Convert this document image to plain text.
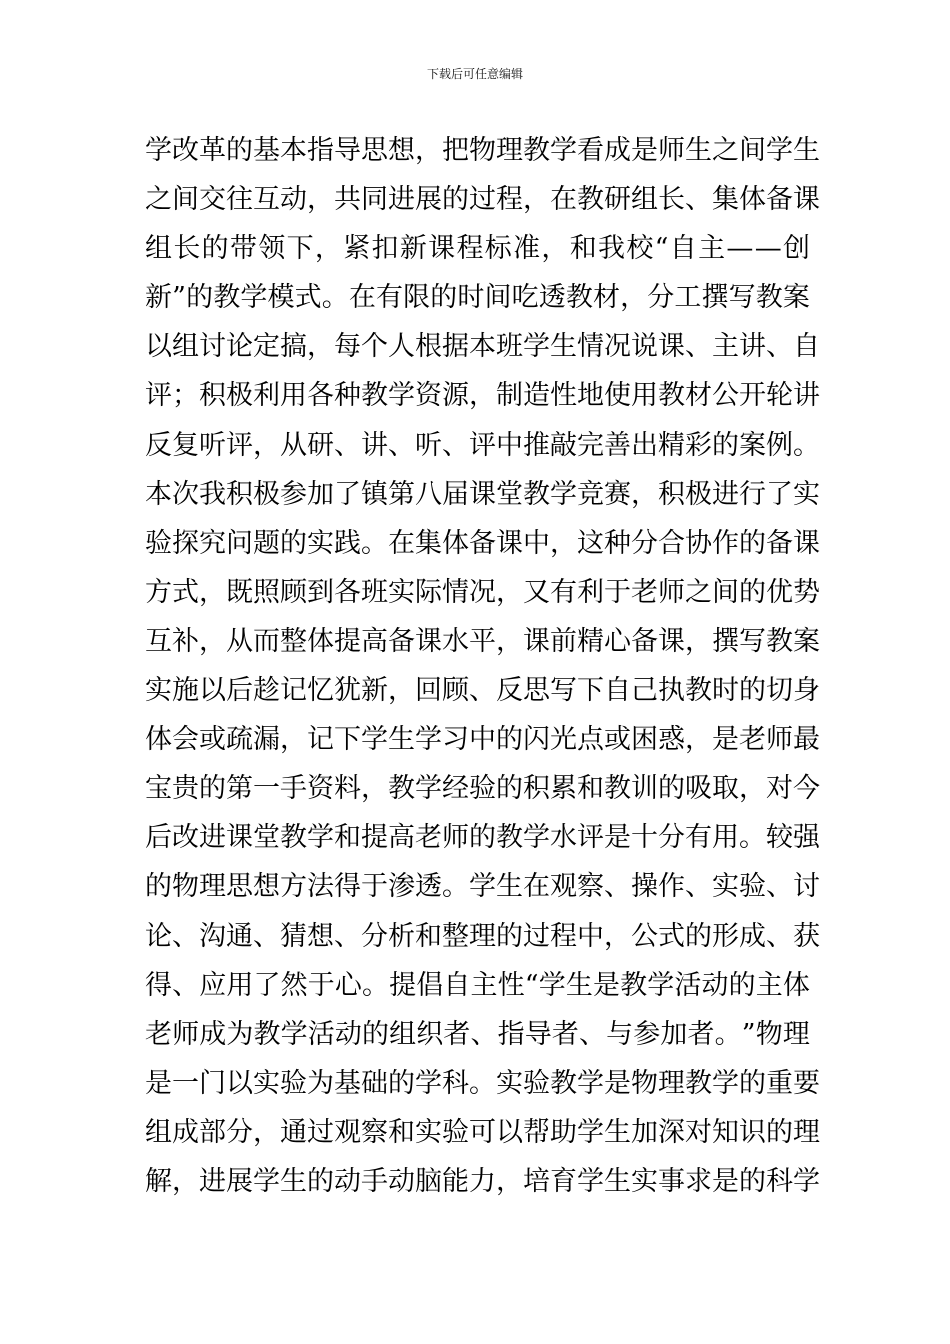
下载后可任意编辑
学 改 革 的 基 本 指 导 思 想 ， 把 物 理 教 学 看 成 是 师 生 之 间 学 生
之 间 交 往 互 动 ， 共 同 进 展 的 过 程 ， 在 教 研 组 长 、 集 体 备 课
组 长 的 带 领 下 ， 紧 扣 新 课 程 标 准 ， 和 我 校 “ 自 主 — — 创
新 ” 的 教 学 模 式 。 在 有 限 的 时 间 吃 透 教 材 ， 分 工 撰 写 教 案
以 组 讨 论 定 搞 ， 每 个 人 根 据 本 班 学 生 情 况 说 课 、 主 讲 、 自
评 ； 积 极 利 用 各 种 教 学 资 源 ， 制 造 性 地 使 用 教 材 公 开 轮 讲
反 复 听 评 ， 从 研 、 讲 、 听 、 评 中 推 敲 完 善 出 精 彩 的 案 例 。
本 次 我 积 极 参 加 了 镇 第 八 届 课 堂 教 学 竞 赛 ， 积 极 进 行 了 实
验 探 究 问 题 的 实 践 。 在 集 体 备 课 中 ， 这 种 分 合 协 作 的 备 课
方 式 ， 既 照 顾 到 各 班 实 际 情 况 ， 又 有 利 于 老 师 之 间 的 优 势
互 补 ， 从 而 整 体 提 高 备 课 水 平 ， 课 前 精 心 备 课 ， 撰 写 教 案
实 施 以 后 趁 记 忆 犹 新 ， 回 顾 、 反 思 写 下 自 己 执 教 时 的 切 身
体 会 或 疏 漏 ， 记 下 学 生 学 习 中 的 闪 光 点 或 困 惑 ， 是 老 师 最
宝 贵 的 第 一 手 资 料 ， 教 学 经 验 的 积 累 和 教 训 的 吸 取 ， 对 今
后 改 进 课 堂 教 学 和 提 高 老 师 的 教 学 水 评 是 十 分 有 用 。 较 强
的 物 理 思 想 方 法 得 于 渗 透 。 学 生 在 观 察 、 操 作 、 实 验 、 讨
论 、 沟 通 、 猜 想 、 分 析 和 整 理 的 过 程 中 ， 公 式 的 形 成 、 获
得 、 应 用 了 然 于 心 。 提 倡 自 主 性 “ 学 生 是 教 学 活 动 的 主 体
老 师 成 为 教 学 活 动 的 组 织 者 、 指 导 者 、 与 参 加 者 。 ” 物 理
是 一 门 以 实 验 为 基 础 的 学 科 。 实 验 教 学 是 物 理 教 学 的 重 要
组 成 部 分 ， 通 过 观 察 和 实 验 可 以 帮 助 学 生 加 深 对 知 识 的 理
解 ， 进 展 学 生 的 动 手 动 脑 能 力 ， 培 育 学 生 实 事 求 是 的 科 学
